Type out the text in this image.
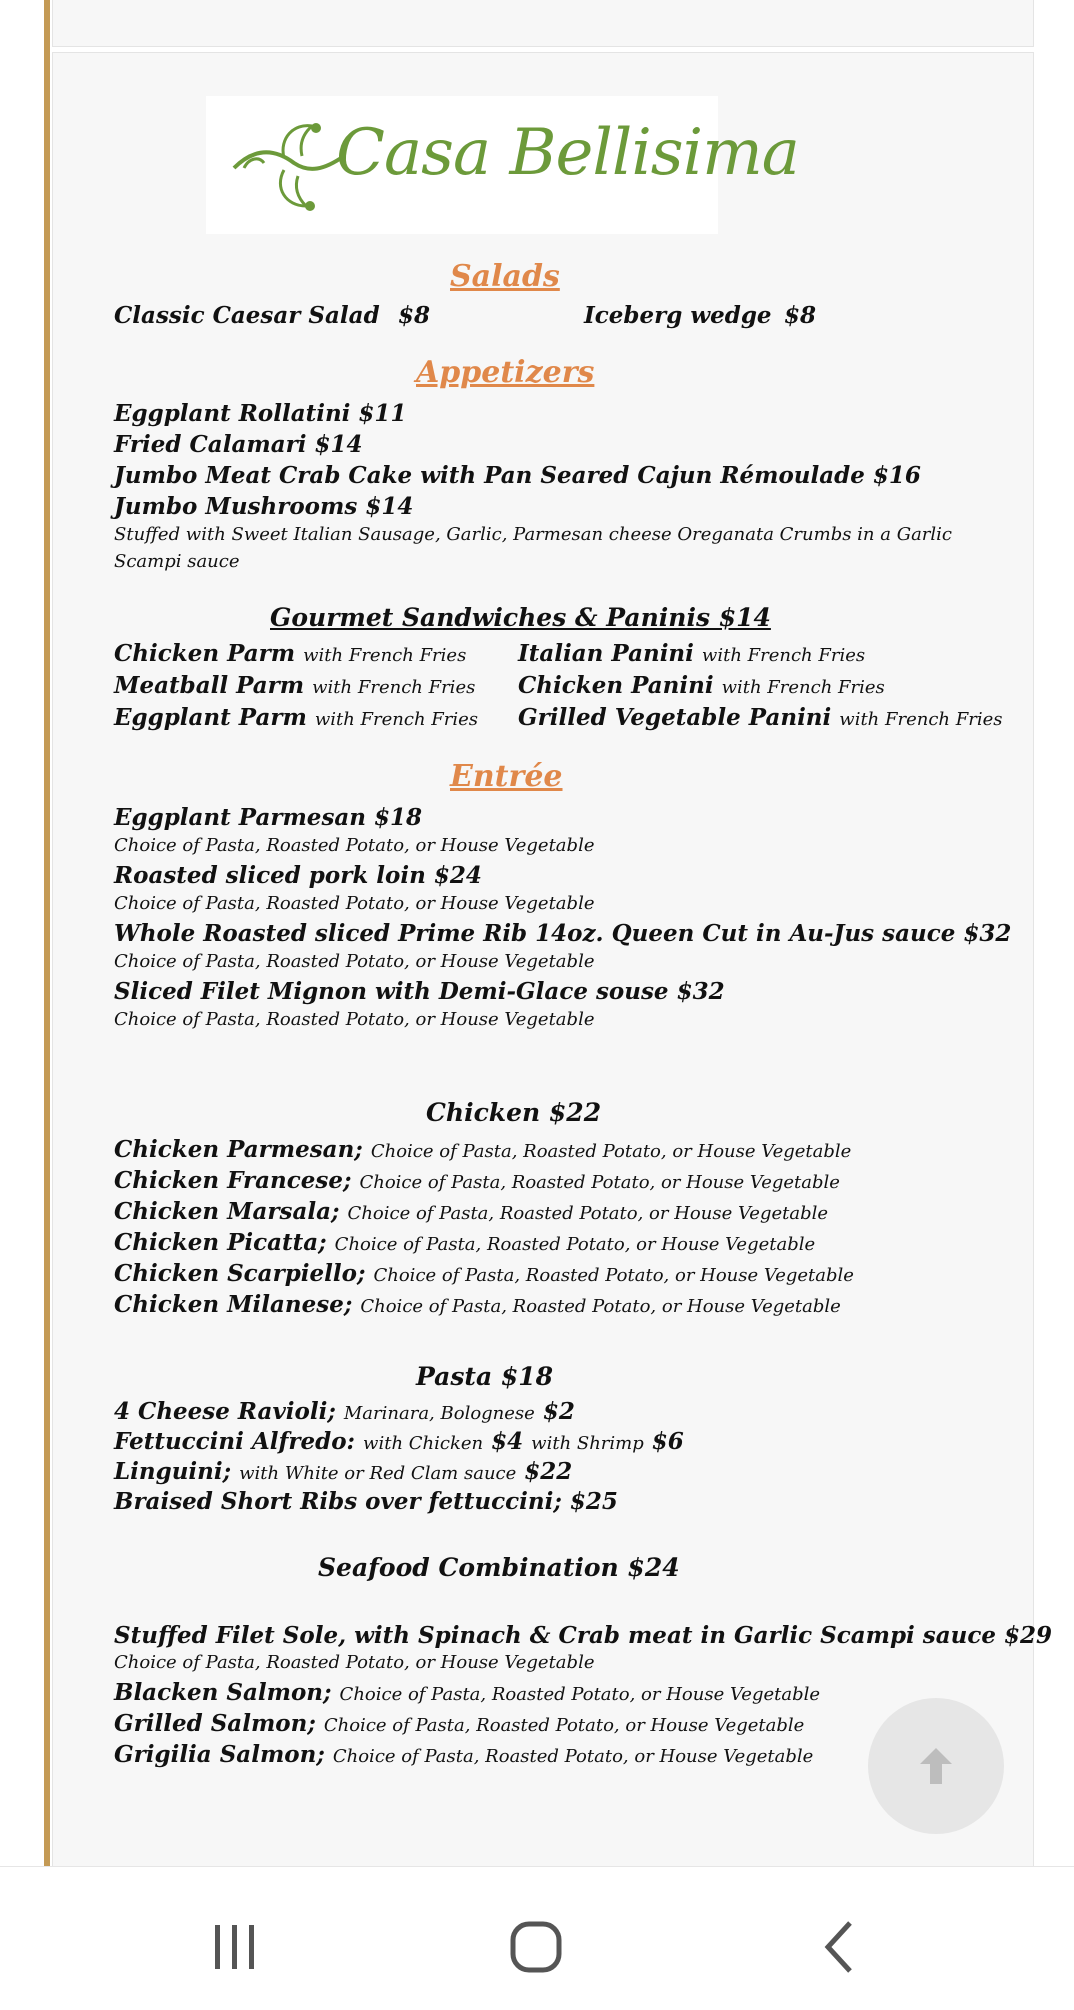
Casa Bellisima
Salads
Classic Caesar Salad $8	Iceberg wedge $8
Appetizers
Eggplant Rollatini $11
Fried Calamari $14
Jumbo Meat Crab Cake with Pan Seared Cajun Rémoulade $16
Jumbo Mushrooms $14
Stuffed with Sweet Italian Sausage, Garlic, Parmesan cheese Oreganata Crumbs in a Garlic
Scampi sauce
Gourmet Sandwiches & Paninis $14
Chicken Parm with French Fries
Meatball Parm with French Fries
Eggplant Parm with French Fries
Italian Panini with French Fries
Chicken Panini with French Fries
Grilled Vegetable Panini with French Fries
Entrée
Eggplant Parmesan $18
Choice of Pasta, Roasted Potato, or House Vegetable
Roasted sliced pork loin $24
Choice of Pasta, Roasted Potato, or House Vegetable
Whole Roasted sliced Prime Rib 14oz. Queen Cut in Au-Jus sauce $32
Choice of Pasta, Roasted Potato, or House Vegetable
Sliced Filet Mignon with Demi-Glace souse $32
Choice of Pasta, Roasted Potato, or House Vegetable
Chicken $22
Chicken Parmesan; Choice of Pasta, Roasted Potato, or House Vegetable
Chicken Francese; Choice of Pasta, Roasted Potato, or House Vegetable
Chicken Marsala; Choice of Pasta, Roasted Potato, or House Vegetable
Chicken Picatta; Choice of Pasta, Roasted Potato, or House Vegetable
Chicken Scarpiello; Choice of Pasta, Roasted Potato, or House Vegetable
Chicken Milanese; Choice of Pasta, Roasted Potato, or House Vegetable
Pasta $18
4 Cheese Ravioli; Marinara, Bolognese $2
Fettuccini Alfredo: with Chicken $4 with Shrimp $6
Linguini; with White or Red Clam sauce $22
Braised Short Ribs over fettuccini; $25
Seafood Combination $24
Stuffed Filet Sole, with Spinach & Crab meat in Garlic Scampi sauce $29
Choice of Pasta, Roasted Potato, or House Vegetable
Blacken Salmon; Choice of Pasta, Roasted Potato, or House Vegetable
Grilled Salmon; Choice of Pasta, Roasted Potato, or House Vegetable
Grigilia Salmon; Choice of Pasta, Roasted Potato, or House Vegetable
